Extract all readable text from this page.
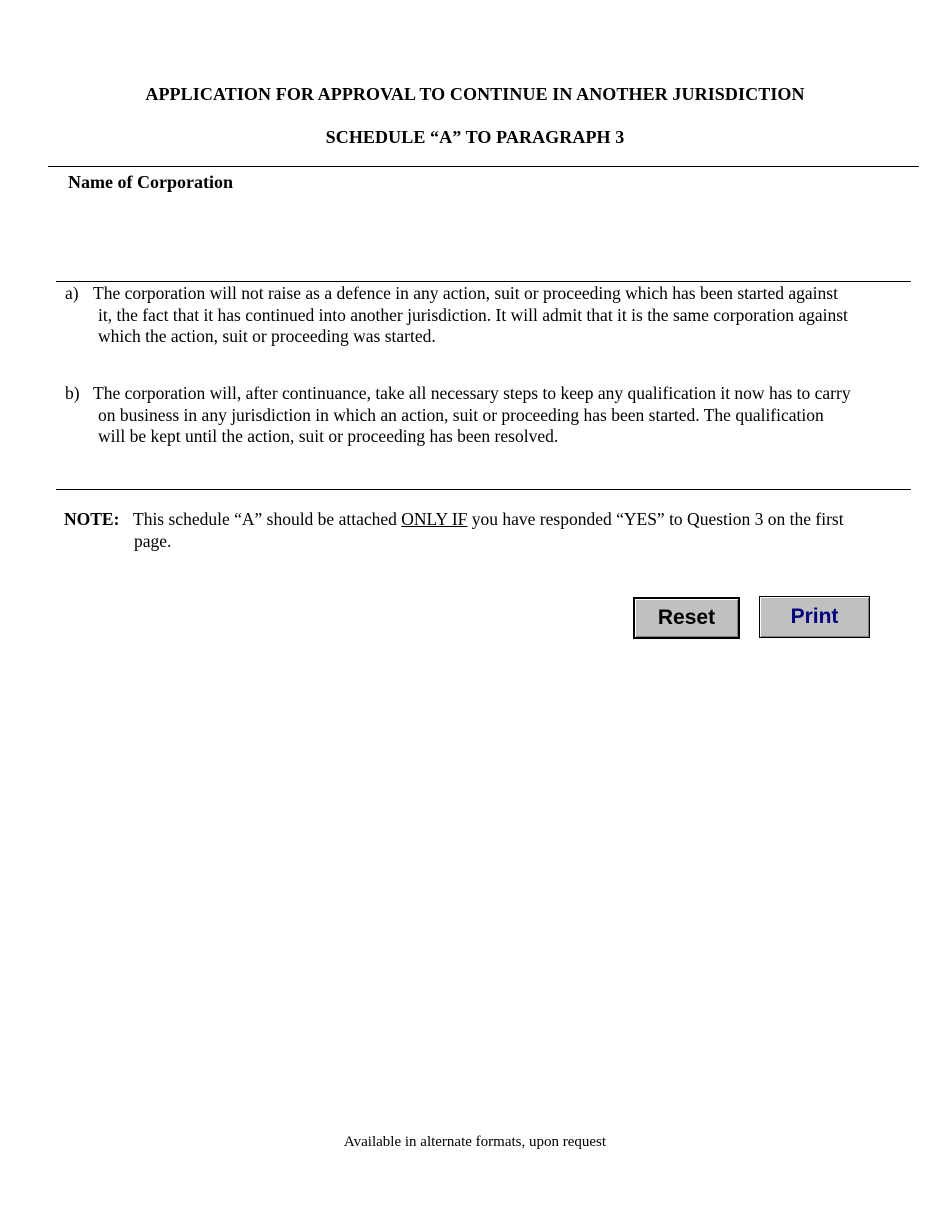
APPLICATION FOR APPROVAL TO CONTINUE IN ANOTHER JURISDICTION
SCHEDULE “A” TO PARAGRAPH 3
Name of Corporation
a) The corporation will not raise as a defence in any action, suit or proceeding which has been started against
it, the fact that it has continued into another jurisdiction. It will admit that it is the same corporation against
which the action, suit or proceeding was started.
b) The corporation will, after continuance, take all necessary steps to keep any qualification it now has to carry
on business in any jurisdiction in which an action, suit or proceeding has been started. The qualification
will be kept until the action, suit or proceeding has been resolved.
NOTE: This schedule “A” should be attached ONLY IF you have responded “YES” to Question 3 on the first
page.
Reset	Print
Available in alternate formats, upon request
